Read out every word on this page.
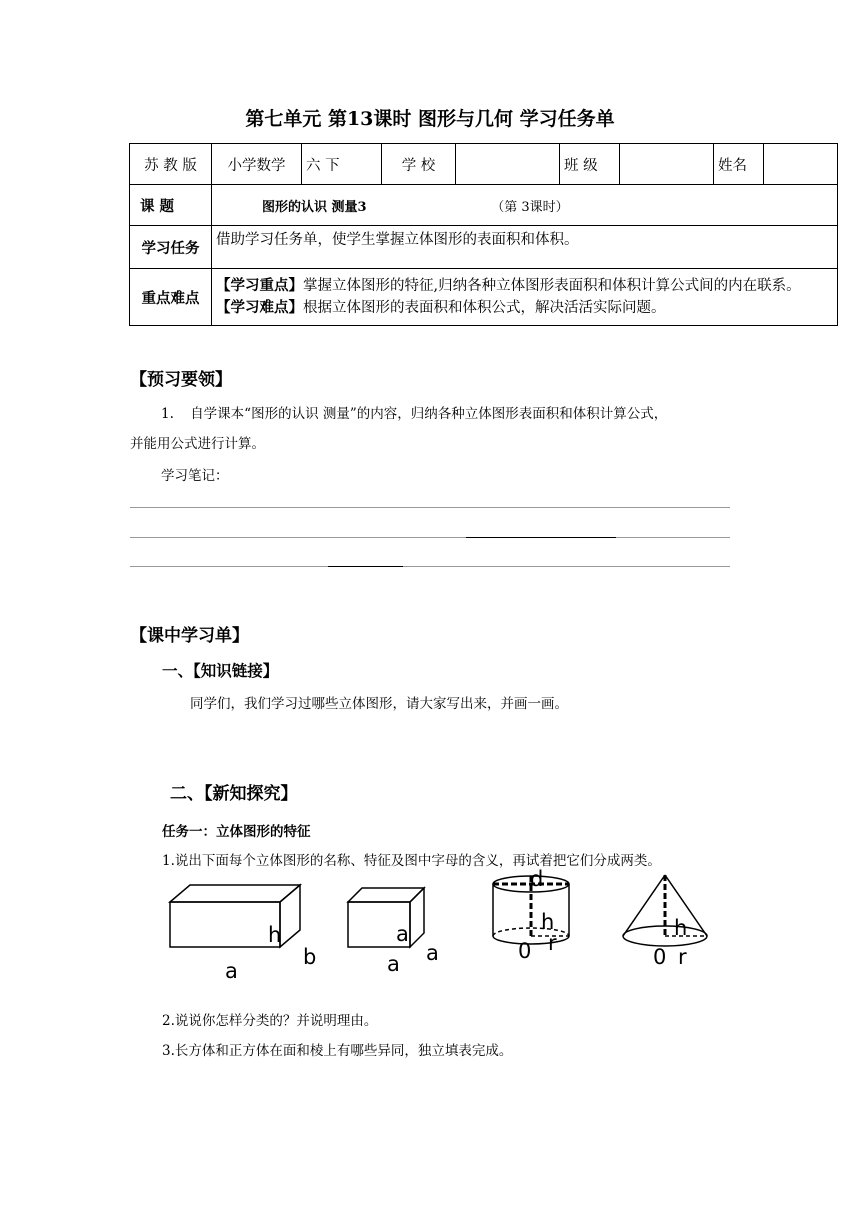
第七单元 第13课时 图形与几何 学习任务单
苏 教 版	小学数学	六 下	学 校		班 级		姓名	
课 题	图形的认识 测量3 （第 3课时）							
学习任务	借助学习任务单，使学生掌握立体图形的表面积和体积。							
重点难点	【学习重点】掌握立体图形的特征,归纳各种立体图形表面积和体积计算公式间的内在联系。
【学习难点】根据立体图形的表面积和体积公式，解决活活实际问题。							
【预习要领】
1. 自学课本“图形的认识 测量”的内容，归纳各种立体图形表面积和体积计算公式，
并能用公式进行计算。
学习笔记：
【课中学习单】
一、【知识链接】
同学们，我们学习过哪些立体图形，请大家写出来，并画一画。
二、【新知探究】
任务一：立体图形的特征
1.说出下面每个立体图形的名称、特征及图中字母的含义，再试着把它们分成两类。
h
b
a
a
a
a
d
h
0 r
h
0 r
2.说说你怎样分类的？并说明理由。
3.长方体和正方体在面和棱上有哪些异同，独立填表完成。
